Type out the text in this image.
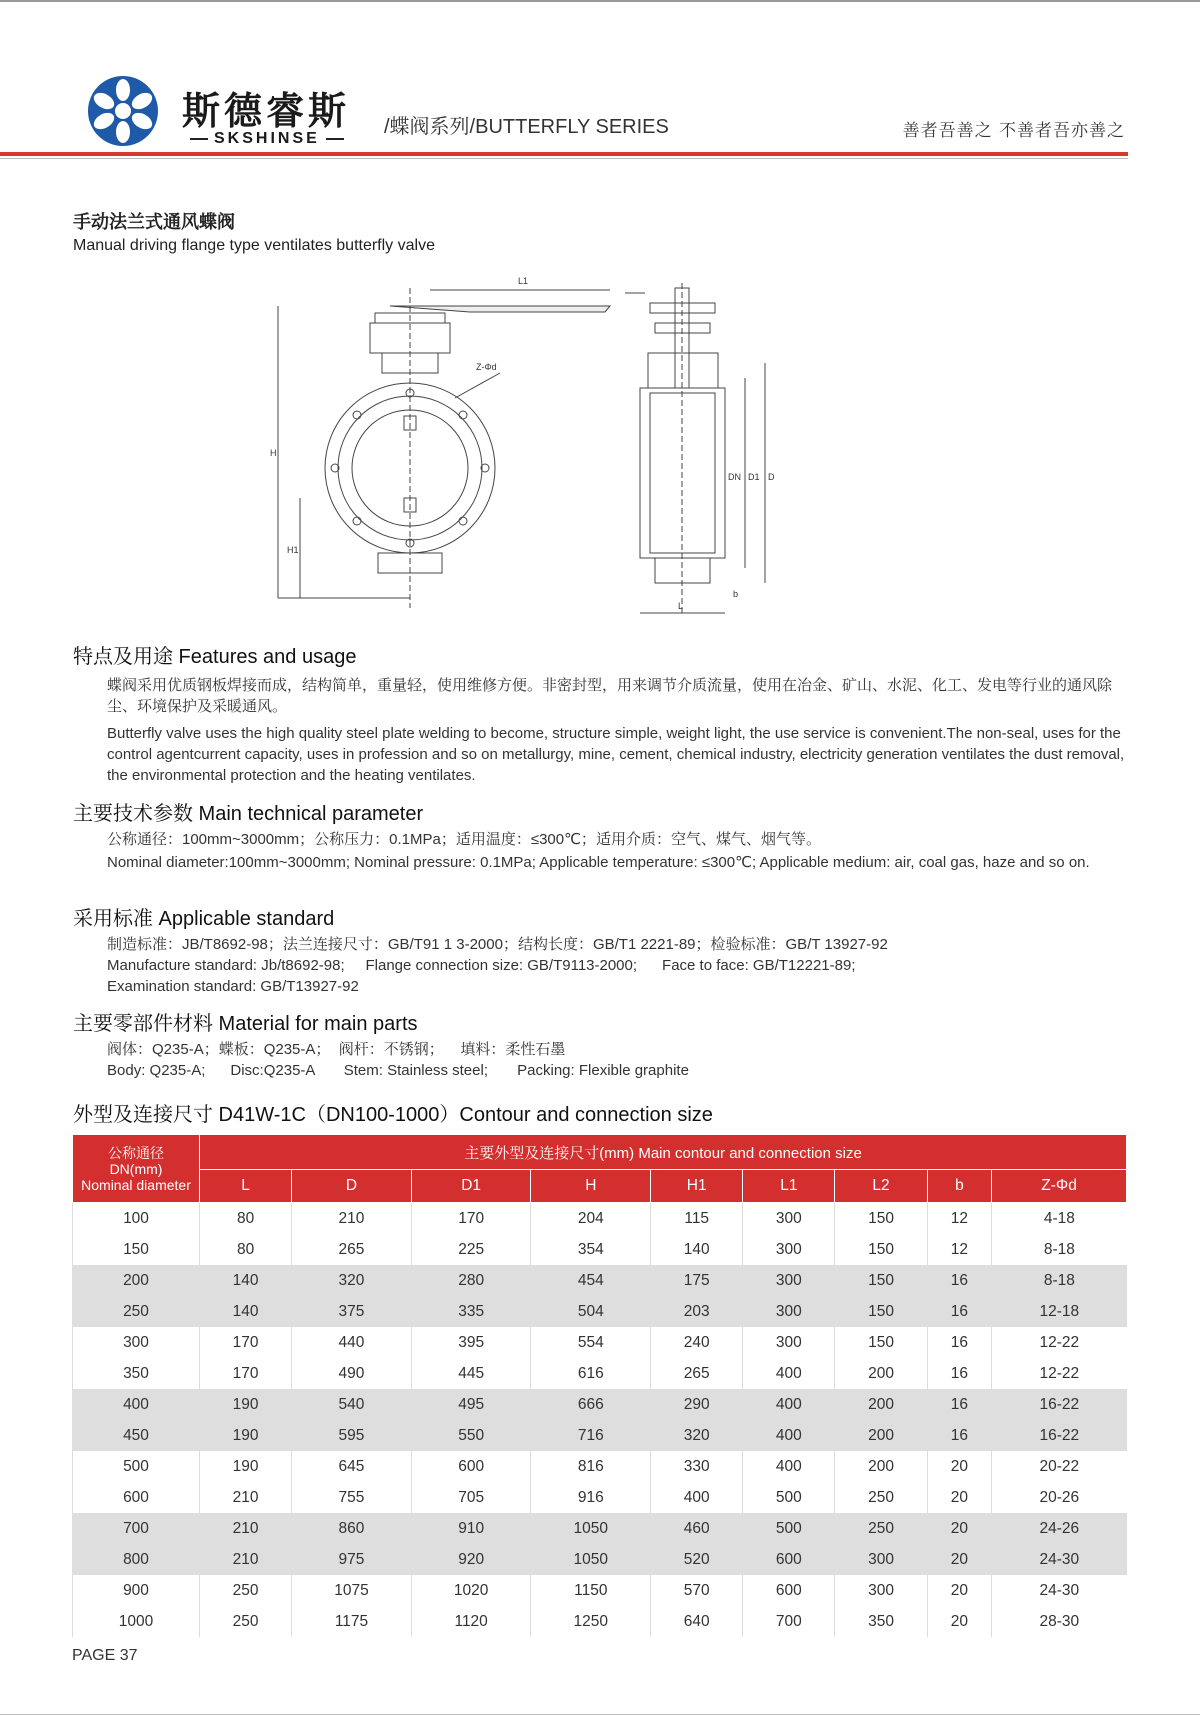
斯德睿斯
SKSHINSE
/蝶阀系列/BUTTERFLY SERIES	善者吾善之 不善者吾亦善之
手动法兰式通风蝶阀
Manual driving flange type ventilates butterfly valve
L1
H
H1
Z-Φd
DN D1 D
L
b
特点及用途 Features and usage
蝶阀采用优质钢板焊接而成，结构简单，重量轻，使用维修方便。非密封型，用来调节介质流量，使用在冶金、矿山、水泥、化工、发电等行业的通风除尘、环境保护及采暖通风。
Butterfly valve uses the high quality steel plate welding to become, structure simple, weight light, the use service is convenient.The non-seal, uses for the control agentcurrent capacity, uses in profession and so on metallurgy, mine, cement, chemical industry, electricity generation ventilates the dust removal, the environmental protection and the heating ventilates.
主要技术参数 Main technical parameter
公称通径：100mm~3000mm；公称压力：0.1MPa；适用温度：≤300℃；适用介质：空气、煤气、烟气等。
Nominal diameter:100mm~3000mm; Nominal pressure: 0.1MPa; Applicable temperature: ≤300℃; Applicable medium: air, coal gas, haze and so on.
采用标准 Applicable standard
制造标准：JB/T8692-98；法兰连接尺寸：GB/T91 1 3-2000；结构长度：GB/T1 2221-89；检验标准：GB/T 13927-92
Manufacture standard: Jb/t8692-98;     Flange connection size: GB/T9113-2000;      Face to face: GB/T12221-89;
Examination standard: GB/T13927-92
主要零部件材料 Material for main parts
阀体：Q235-A；蝶板：Q235-A；  阀杆：不锈钢；    填料：柔性石墨
Body: Q235-A;      Disc:Q235-A       Stem: Stainless steel;       Packing: Flexible graphite
外型及连接尺寸 D41W-1C（DN100-1000）Contour and connection size
公称通径
DN(mm)
Nominal diameter	主要外型及连接尺寸(mm) Main contour and connection size								
	L	D	D1	H	H1	L1	L2	b	Z-Φd
100	80	210	170	204	115	300	150	12	4-18
150	80	265	225	354	140	300	150	12	8-18
200	140	320	280	454	175	300	150	16	8-18
250	140	375	335	504	203	300	150	16	12-18
300	170	440	395	554	240	300	150	16	12-22
350	170	490	445	616	265	400	200	16	12-22
400	190	540	495	666	290	400	200	16	16-22
450	190	595	550	716	320	400	200	16	16-22
500	190	645	600	816	330	400	200	20	20-22
600	210	755	705	916	400	500	250	20	20-26
700	210	860	910	1050	460	500	250	20	24-26
800	210	975	920	1050	520	600	300	20	24-30
900	250	1075	1020	1150	570	600	300	20	24-30
1000	250	1175	1120	1250	640	700	350	20	28-30
PAGE 37
